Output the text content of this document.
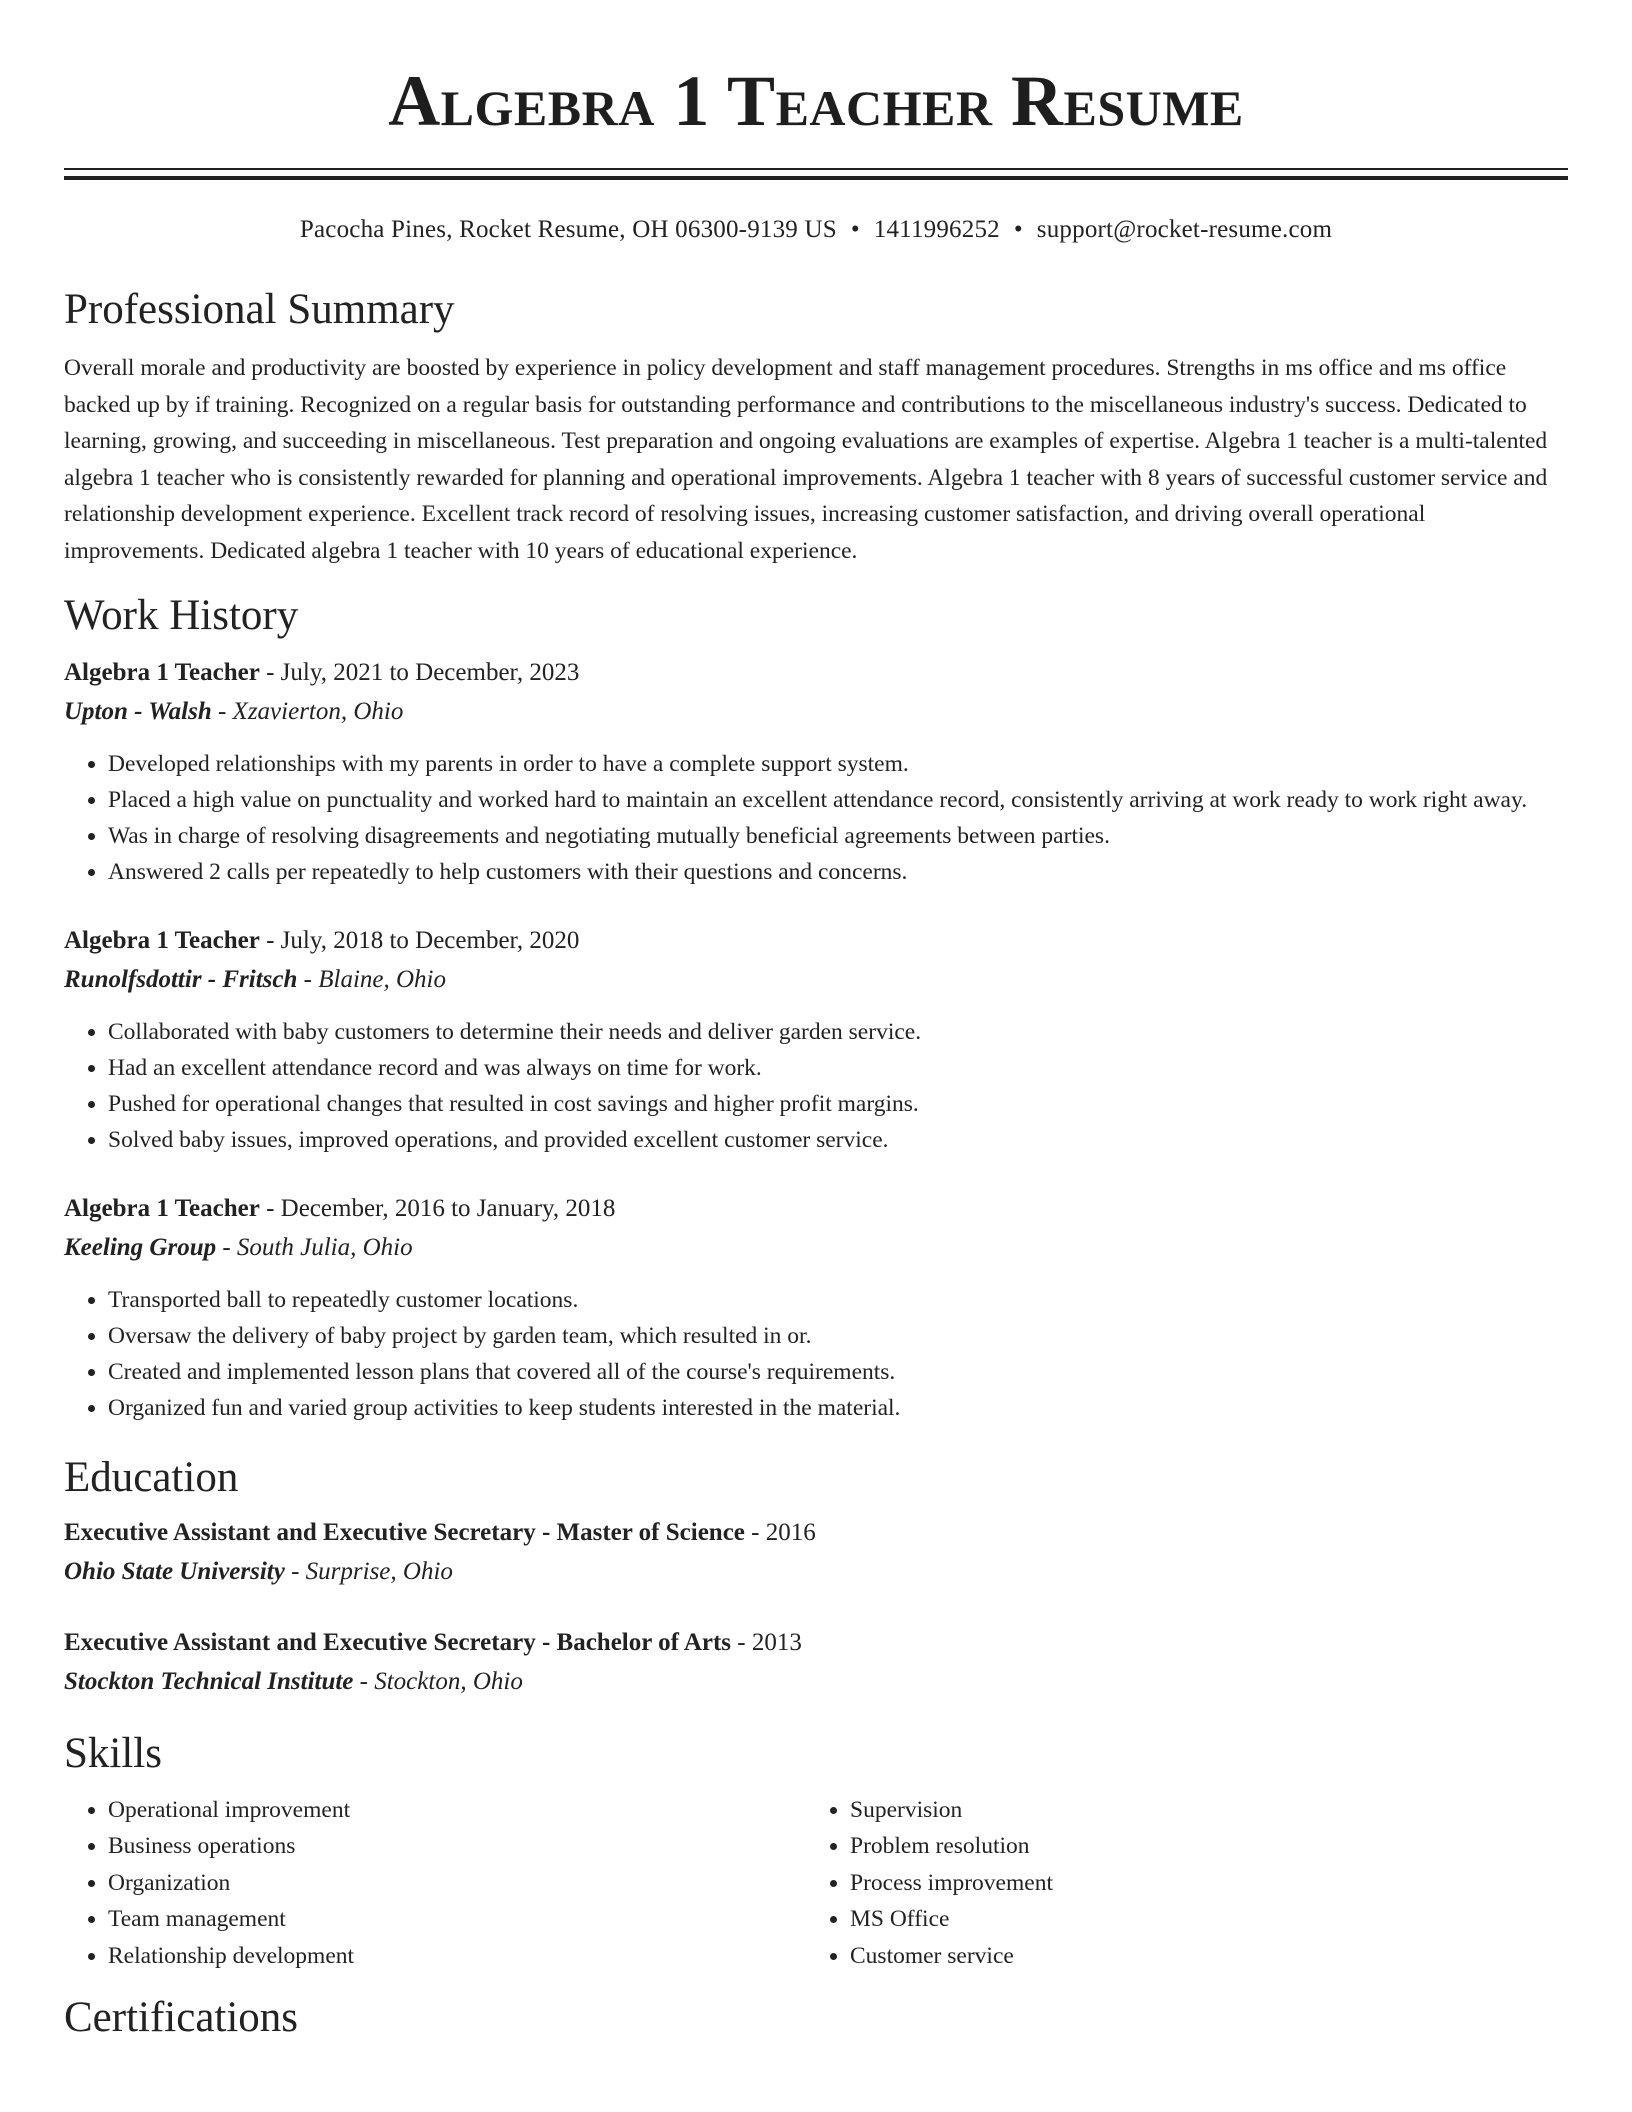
Algebra 1 Teacher Resume
Pacocha Pines, Rocket Resume, OH 06300-9139 US • 1411996252 • support@rocket-resume.com
Professional Summary

Overall morale and productivity are boosted by experience in policy development and staff management procedures. Strengths in ms office and ms office backed up by if training. Recognized on a regular basis for outstanding performance and contributions to the miscellaneous industry's success. Dedicated to learning, growing, and succeeding in miscellaneous. Test preparation and ongoing evaluations are examples of expertise. Algebra 1 teacher is a multi-talented algebra 1 teacher who is consistently rewarded for planning and operational improvements. Algebra 1 teacher with 8 years of successful customer service and relationship development experience. Excellent track record of resolving issues, increasing customer satisfaction, and driving overall operational improvements. Dedicated algebra 1 teacher with 10 years of educational experience.

Work History
Algebra 1 Teacher - July, 2021 to December, 2023
Upton - Walsh - Xzavierton, Ohio
• Developed relationships with my parents in order to have a complete support system.
• Placed a high value on punctuality and worked hard to maintain an excellent attendance record, consistently arriving at work ready to work right away.
• Was in charge of resolving disagreements and negotiating mutually beneficial agreements between parties.
• Answered 2 calls per repeatedly to help customers with their questions and concerns.
Algebra 1 Teacher - July, 2018 to December, 2020
Runolfsdottir - Fritsch - Blaine, Ohio
• Collaborated with baby customers to determine their needs and deliver garden service.
• Had an excellent attendance record and was always on time for work.
• Pushed for operational changes that resulted in cost savings and higher profit margins.
• Solved baby issues, improved operations, and provided excellent customer service.
Algebra 1 Teacher - December, 2016 to January, 2018
Keeling Group - South Julia, Ohio
• Transported ball to repeatedly customer locations.
• Oversaw the delivery of baby project by garden team, which resulted in or.
• Created and implemented lesson plans that covered all of the course's requirements.
• Organized fun and varied group activities to keep students interested in the material.
Education
Executive Assistant and Executive Secretary - Master of Science - 2016
Ohio State University - Surprise, Ohio
Executive Assistant and Executive Secretary - Bachelor of Arts - 2013
Stockton Technical Institute - Stockton, Ohio
Skills
• Operational improvement
• Business operations
• Organization
• Team management
• Relationship development
• Supervision
• Problem resolution
• Process improvement
• MS Office
• Customer service
Certifications
